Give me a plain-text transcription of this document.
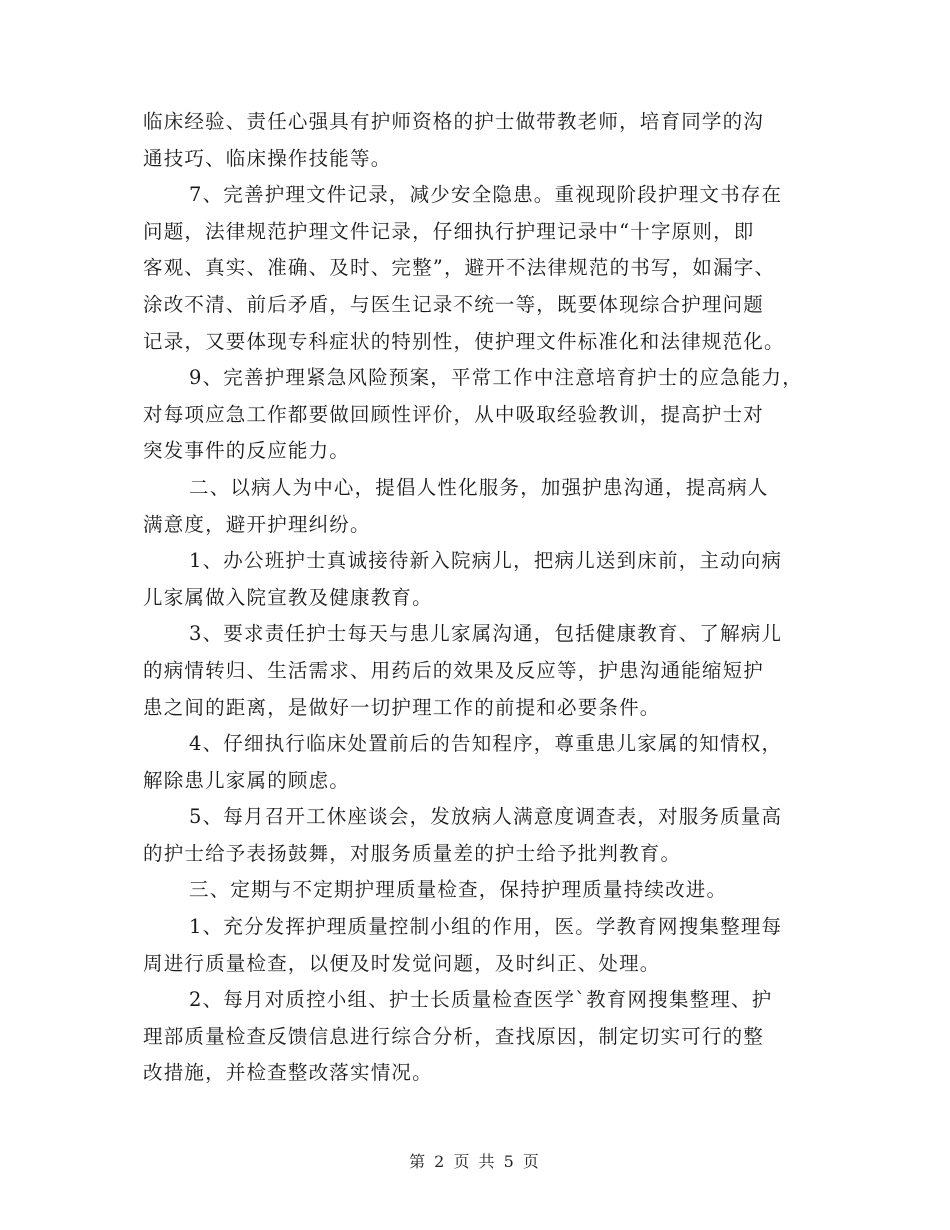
临床经验、责任心强具有护师资格的护士做带教老师，培育同学的沟
通技巧、临床操作技能等。

7、完善护理文件记录，减少安全隐患。重视现阶段护理文书存在
问题，法律规范护理文件记录，仔细执行护理记录中“十字原则，即
客观、真实、准确、及时、完整”，避开不法律规范的书写，如漏字、
涂改不清、前后矛盾，与医生记录不统一等，既要体现综合护理问题
记录，又要体现专科症状的特别性，使护理文件标准化和法律规范化。

9、完善护理紧急风险预案，平常工作中注意培育护士的应急能力，
对每项应急工作都要做回顾性评价，从中吸取经验教训，提高护士对
突发事件的反应能力。

二、以病人为中心，提倡人性化服务，加强护患沟通，提高病人
满意度，避开护理纠纷。

1、办公班护士真诚接待新入院病儿，把病儿送到床前，主动向病
儿家属做入院宣教及健康教育。

3、要求责任护士每天与患儿家属沟通，包括健康教育、了解病儿
的病情转归、生活需求、用药后的效果及反应等，护患沟通能缩短护
患之间的距离，是做好一切护理工作的前提和必要条件。

4、仔细执行临床处置前后的告知程序，尊重患儿家属的知情权，
解除患儿家属的顾虑。

5、每月召开工休座谈会，发放病人满意度调查表，对服务质量高
的护士给予表扬鼓舞，对服务质量差的护士给予批判教育。

三、定期与不定期护理质量检查，保持护理质量持续改进。

1、充分发挥护理质量控制小组的作用，医。学教育网搜集整理每
周进行质量检查，以便及时发觉问题，及时纠正、处理。

2、每月对质控小组、护士长质量检查医学`教育网搜集整理、护
理部质量检查反馈信息进行综合分析，查找原因，制定切实可行的整
改措施，并检查整改落实情况。

第 2 页 共 5 页
